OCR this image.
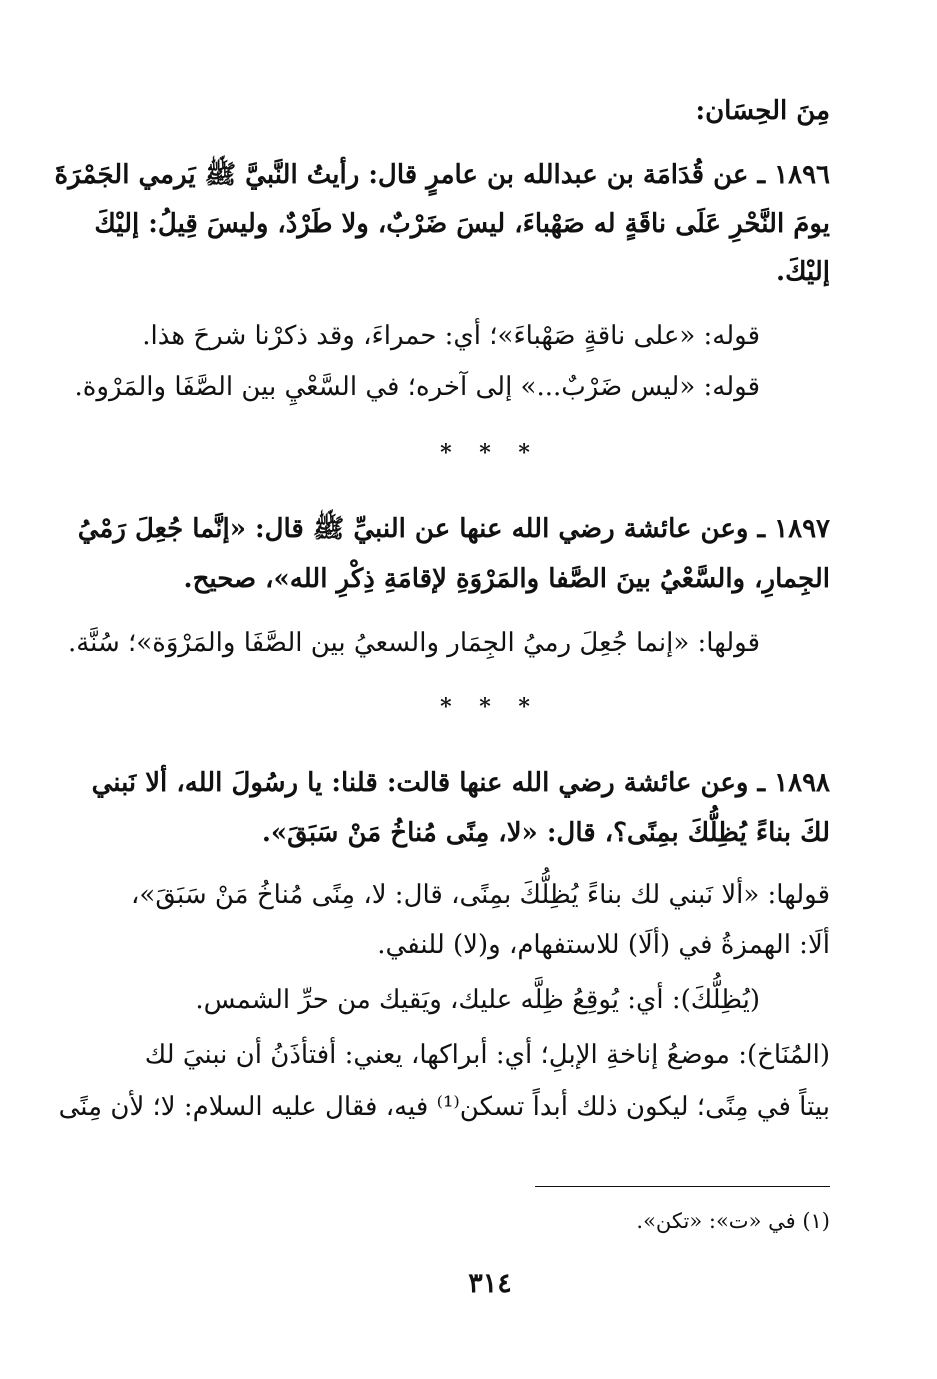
مِنَ الحِسَان:
١٨٩٦ ـ عن قُدَامَة بن عبدالله بن عامرٍ قال: رأيتُ النَّبيَّ ﷺ يَرمي الجَمْرَةَ
يومَ النَّحْرِ عَلَى ناقَةٍ له صَهْباءَ، ليسَ ضَرْبٌ، ولا طَرْدٌ، وليسَ قِيلُ: إليْكَ
إليْكَ.
قوله: «على ناقةٍ صَهْباءَ»؛ أي: حمراءَ، وقد ذكرْنا شرحَ هذا.
قوله: «ليس ضَرْبٌ...» إلى آخره؛ في السَّعْيِ بين الصَّفَا والمَرْوة.
* * *
١٨٩٧ ـ وعن عائشة رضي الله عنها عن النبيِّ ﷺ قال: «إنَّما جُعِلَ رَمْيُ
الجِمارِ، والسَّعْيُ بينَ الصَّفا والمَرْوَةِ لإقامَةِ ذِكْرِ الله»، صحيح.
قولها: «إنما جُعِلَ رميُ الجِمَار والسعيُ بين الصَّفَا والمَرْوَة»؛ سُنَّة.
* * *
١٨٩٨ ـ وعن عائشة رضي الله عنها قالت: قلنا: يا رسُولَ الله، ألا نَبني
لكَ بناءً يُظِلُّكَ بمِنًى؟، قال: «لا، مِنًى مُناخُ مَنْ سَبَقَ».
قولها: «ألا نَبني لك بناءً يُظِلُّكَ بمِنًى، قال: لا، مِنًى مُناخُ مَنْ سَبَقَ»،
ألَا: الهمزةُ في (ألَا) للاستفهام، و(لا) للنفي.
(يُظِلُّكَ): أي: يُوقِعُ ظِلَّه عليك، ويَقيك من حرِّ الشمس.
(المُنَاخ): موضعُ إناخةِ الإبلِ؛ أي: أبراكها، يعني: أفتأذَنُ أن نبنيَ لك
بيتاً في مِنًى؛ ليكون ذلك أبداً تسكن⁽¹⁾ فيه، فقال عليه السلام: لا؛ لأن مِنًى
(١) في «ت»: «تكن».
٣١٤
